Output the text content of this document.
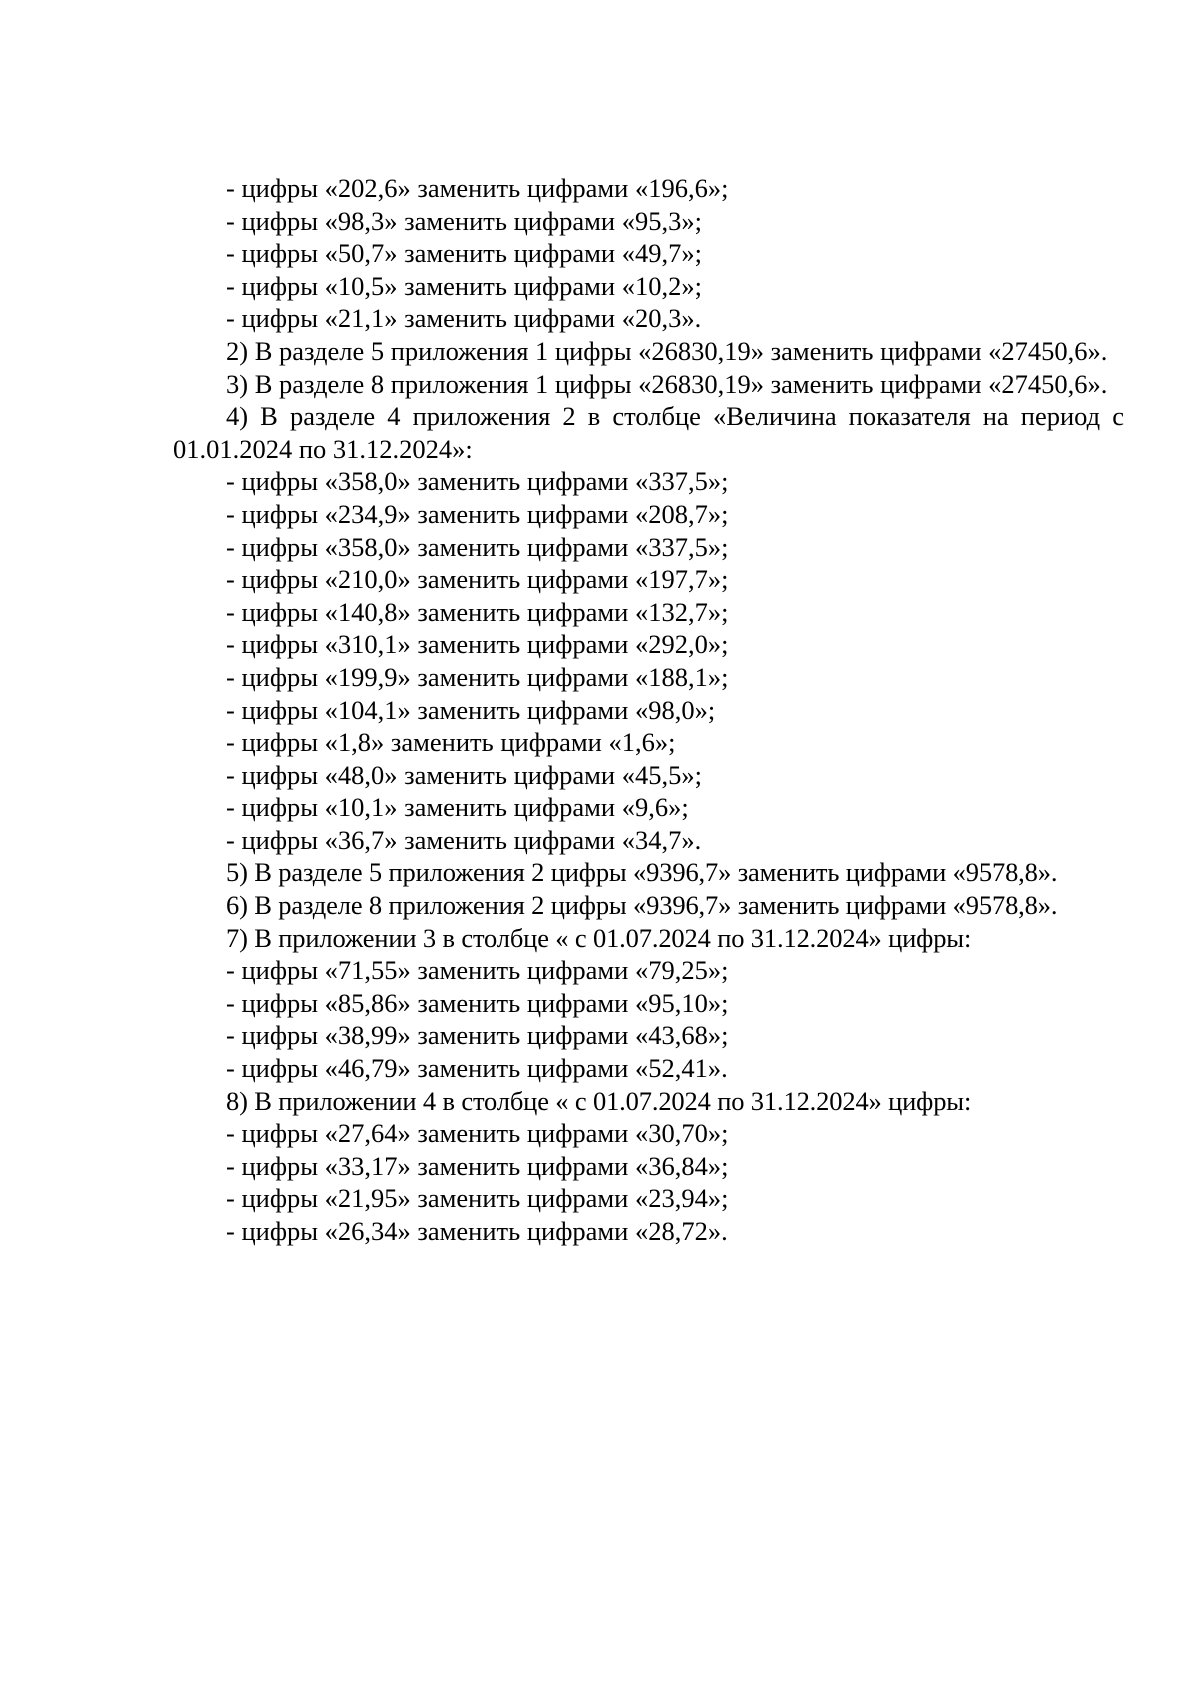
- цифры «202,6» заменить цифрами «196,6»;

- цифры «98,3» заменить цифрами «95,3»;

- цифры «50,7» заменить цифрами «49,7»;

- цифры «10,5» заменить цифрами «10,2»;

- цифры «21,1» заменить цифрами «20,3».

2) В разделе 5 приложения 1 цифры «26830,19» заменить цифрами «27450,6».

3) В разделе 8 приложения 1 цифры «26830,19» заменить цифрами «27450,6».

4) В разделе 4 приложения 2 в столбце «Величина показателя на период с 01.01.2024 по 31.12.2024»:

- цифры «358,0» заменить цифрами «337,5»;

- цифры «234,9» заменить цифрами «208,7»;

- цифры «358,0» заменить цифрами «337,5»;

- цифры «210,0» заменить цифрами «197,7»;

- цифры «140,8» заменить цифрами «132,7»;

- цифры «310,1» заменить цифрами «292,0»;

- цифры «199,9» заменить цифрами «188,1»;

- цифры «104,1» заменить цифрами «98,0»;

- цифры «1,8» заменить цифрами «1,6»;

- цифры «48,0» заменить цифрами «45,5»;

- цифры «10,1» заменить цифрами «9,6»;

- цифры «36,7» заменить цифрами «34,7».

5) В разделе 5 приложения 2 цифры «9396,7» заменить цифрами «9578,8».

6) В разделе 8 приложения 2 цифры «9396,7» заменить цифрами «9578,8».

7) В приложении 3 в столбце « с 01.07.2024 по 31.12.2024» цифры:

- цифры «71,55» заменить цифрами «79,25»;

- цифры «85,86» заменить цифрами «95,10»;

- цифры «38,99» заменить цифрами «43,68»;

- цифры «46,79» заменить цифрами «52,41».

8) В приложении 4 в столбце « с 01.07.2024 по 31.12.2024» цифры:

- цифры «27,64» заменить цифрами «30,70»;

- цифры «33,17» заменить цифрами «36,84»;

- цифры «21,95» заменить цифрами «23,94»;

- цифры «26,34» заменить цифрами «28,72».
